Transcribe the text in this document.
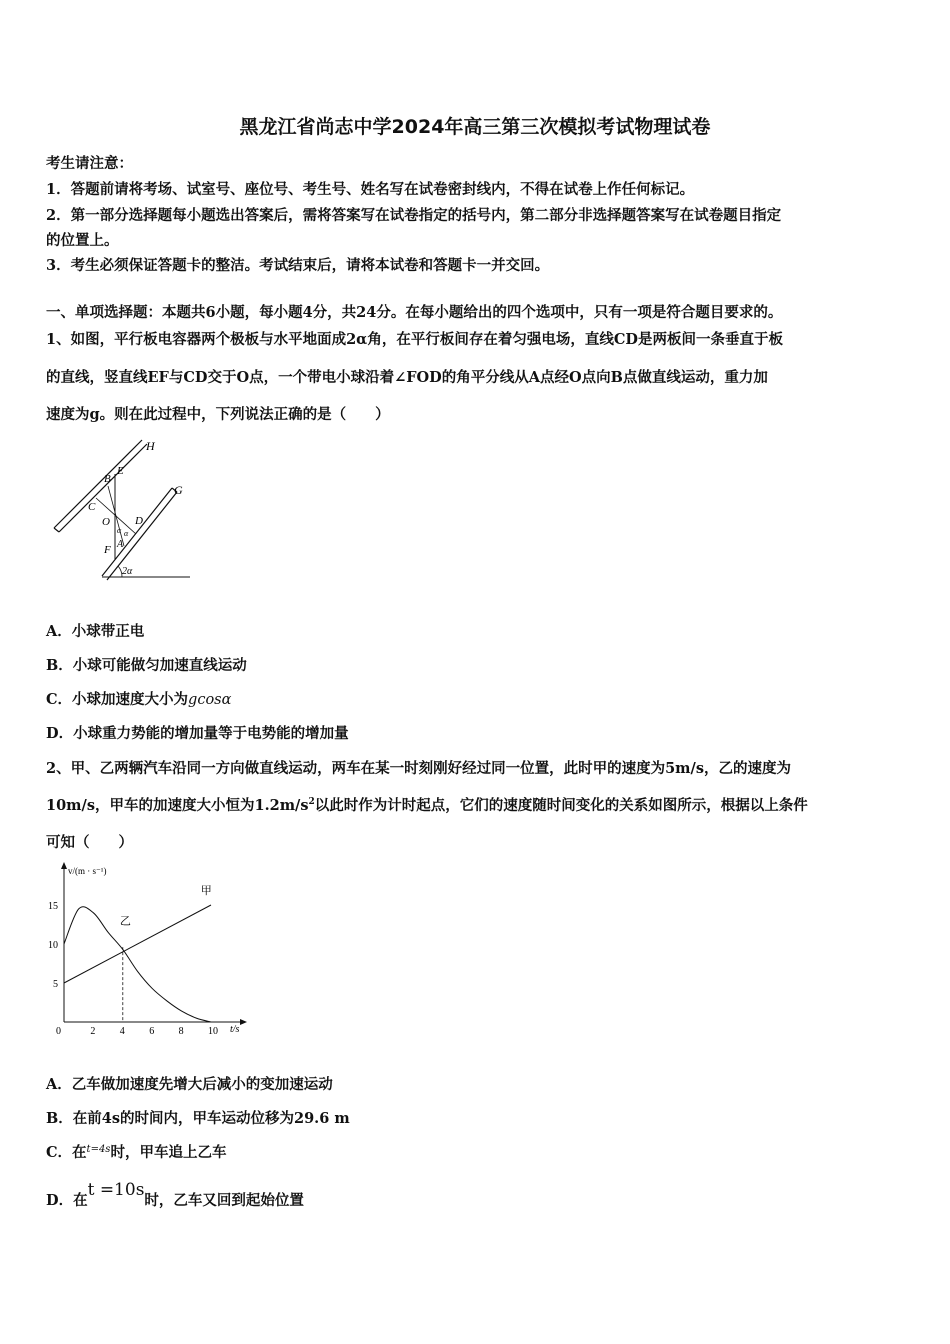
黑龙江省尚志中学2024年高三第三次模拟考试物理试卷
考生请注意：
1．答题前请将考场、试室号、座位号、考生号、姓名写在试卷密封线内，不得在试卷上作任何标记。
2．第一部分选择题每小题选出答案后，需将答案写在试卷指定的括号内，第二部分非选择题答案写在试卷题目指定
的位置上。
3．考生必须保证答题卡的整洁。考试结束后，请将本试卷和答题卡一并交回。
一、单项选择题：本题共6小题，每小题4分，共24分。在每小题给出的四个选项中，只有一项是符合题目要求的。
1、如图，平行板电容器两个极板与水平地面成2α角，在平行板间存在着匀强电场，直线CD是两板间一条垂直于板
的直线，竖直线EF与CD交于O点，一个带电小球沿着∠FOD的角平分线从A点经O点向B点做直线运动，重力加
速度为g。则在此过程中，下列说法正确的是（　　）
H
G
E
B
C
O D
F A
α α
2α
A．小球带正电
B．小球可能做匀加速直线运动
C．小球加速度大小为gcosα
D．小球重力势能的增加量等于电势能的增加量
2、甲、乙两辆汽车沿同一方向做直线运动，两车在某一时刻刚好经过同一位置，此时甲的速度为5m/s，乙的速度为
10m/s，甲车的加速度大小恒为$1.2m/s^2$以此时作为计时起点，它们的速度随时间变化的关系如图所示，根据以上条件
可知（　　）
v/(m · s⁻¹)
t/s
0	2 4 6 8 10
5
10
15
甲
乙
A．乙车做加速度先增大后减小的变加速运动
B．在前4s的时间内，甲车运动位移为29.6 m
C．在$^{t=4s}$时，甲车追上乙车
D．在t =10s时，乙车又回到起始位置
